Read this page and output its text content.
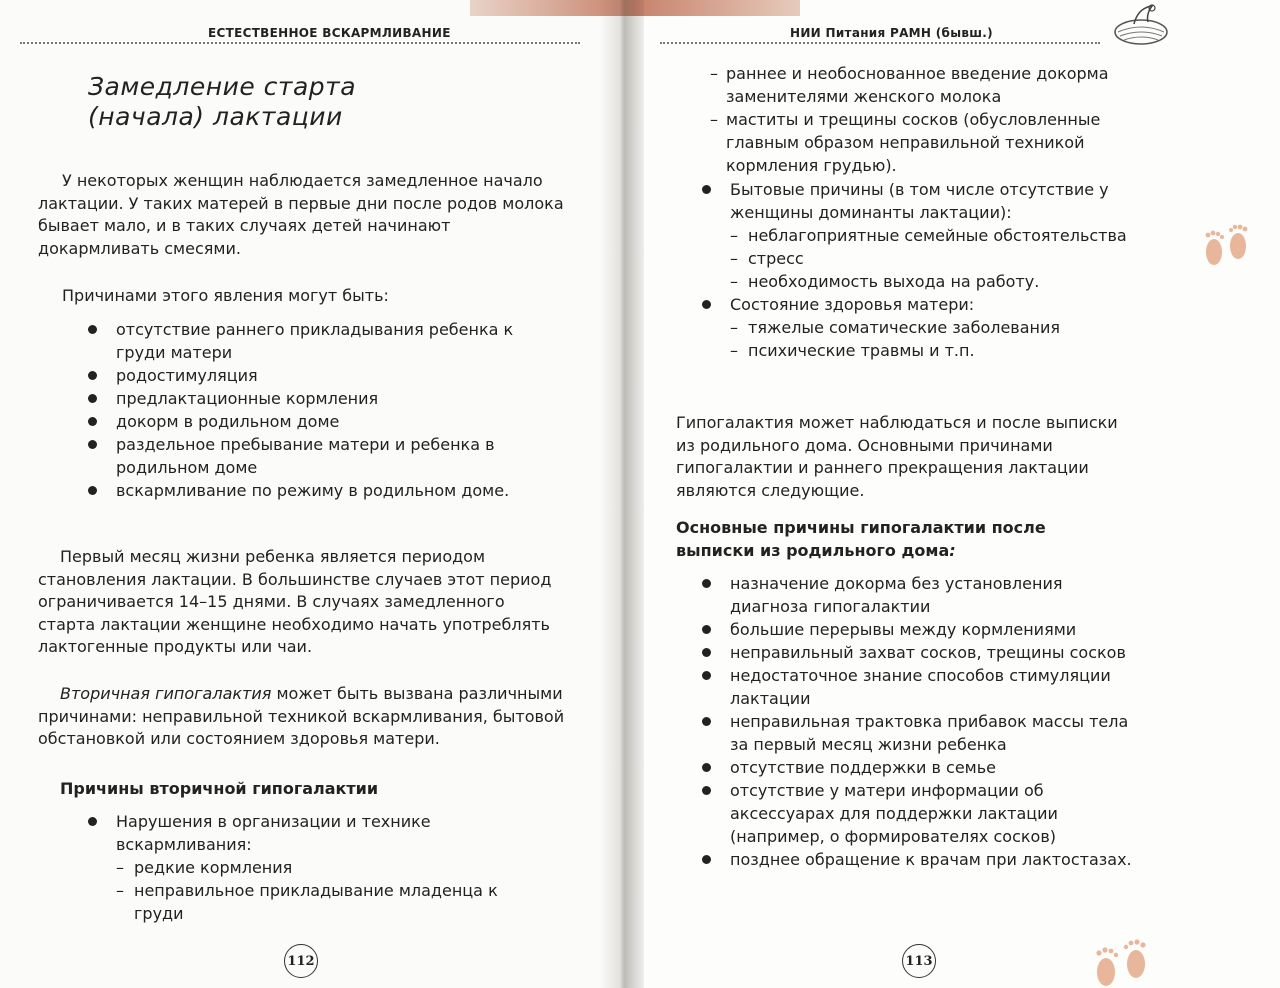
ЕСТЕСТВЕННОЕ ВСКАРМЛИВАНИЕ
Замедление старта
(начала) лактации

У некоторых женщин наблюдается замедленное начало лактации. У таких матерей в первые дни после родов молока бывает мало, и в таких случаях детей начинают докармливать смесями.

Причинами этого явления могут быть:

отсутствие раннего прикладывания ребенка к груди матери
родостимуляция
предлактационные кормления
докорм в родильном доме
раздельное пребывание матери и ребенка в родильном доме
вскармливание по режиму в родильном доме.

Первый месяц жизни ребенка является периодом становления лактации. В большинстве случаев этот период ограничивается 14–15 днями. В случаях замедленного старта лактации женщине необходимо начать употреблять лактогенные продукты или чаи.

Вторичная гипогалактия может быть вызвана различными причинами: неправильной техникой вскармливания, бытовой обстановкой или состоянием здоровья матери.

Причины вторичной гипогалактии
Нарушения в организации и технике вскармливания:
– редкие кормления
– неправильное прикладывание младенца к груди
112
НИИ Питания РАМН (бывш.)
– раннее и необоснованное введение докорма заменителями женского молока
– маститы и трещины сосков (обусловленные главным образом неправильной техникой кормления грудью).
Бытовые причины (в том числе отсутствие у женщины доминанты лактации):
– неблагоприятные семейные обстоятельства
– стресс
– необходимость выхода на работу.
Состояние здоровья матери:
– тяжелые соматические заболевания
– психические травмы и т.п.

Гипогалактия может наблюдаться и после выписки из родильного дома. Основными причинами гипогалактии и раннего прекращения лактации являются следующие.

Основные причины гипогалактии после выписки из родильного дома:
назначение докорма без установления диагноза гипогалактии
большие перерывы между кормлениями
неправильный захват сосков, трещины сосков
недостаточное знание способов стимуляции лактации
неправильная трактовка прибавок массы тела за первый месяц жизни ребенка
отсутствие поддержки в семье
отсутствие у матери информации об аксессуарах для поддержки лактации (например, о формирователях сосков)
позднее обращение к врачам при лактостазах.
113
